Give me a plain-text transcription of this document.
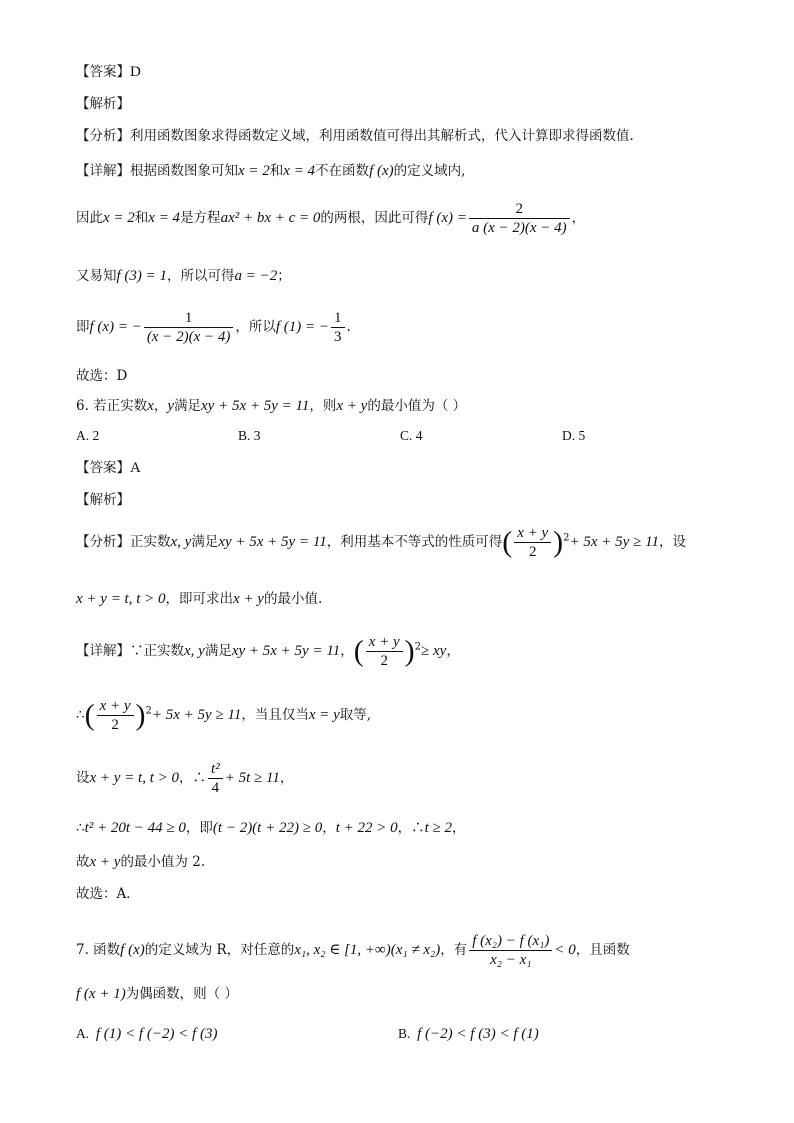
【答案】D
【解析】
【分析】利用函数图象求得函数定义域，利用函数值可得出其解析式，代入计算即求得函数值.
【详解】根据函数图象可知x = 2和x = 4不在函数f (x)的定义域内,
因此x = 2和x = 4是方程ax² + bx + c = 0的两根，因此可得f $(x) = \frac{2}{a (x - 2)(x - 4)}$ ，
又易知f (3) = 1，所以可得a = −2；
即f (x) = − $\frac{1}{(x - 2)(x - 4)}$ ，所以f (1) = − $\frac{1}{3}$ .
故选：D
6. 若正实数x，y满足xy + 5x + 5y = 11，则x + y的最小值为（ ）
A. 2	B. 3	C. 4	D. 5
【答案】A
【解析】
【分析】正实数x, y满足xy + 5x + 5y = 11，利用基本不等式的性质可得( $\frac{x + y}{2} )^2+ 5x + 5y \ge 11$，设
x + y = t, t > 0，即可求出x + y的最小值.
【详解】∵正实数x, y满足xy + 5x + 5y = 11，( $\frac{x + y}{2} )^2\ge$ xy，
∴( $\frac{x + y}{2} )^2+ 5x + 5y \ge 11$，当且仅当x = y取等,
设x + y = t, t > 0，∴ $\frac{\text{t²}}{4} + 5t \ge 11$，
∴t² + 20t − 44 ≥ 0，即(t − 2)(t + 22) ≥ 0，t + 22 > 0，∴t ≥ 2，
故x + y的最小值为 2.
故选：A．
7. 函数f (x)的定义域为 R，对任意的x₁, x₂ ∈ [1, +∞)(x₁ ≠ x₂)，有 $\frac{\text{f (x₂) − f (x₁)}}{\text{x₂ − x₁}} < 0$，且函数
f (x + 1)为偶函数，则（ ）
A. f (1) < f (−2) < f (3)	B. f (−2) < f (3) < f (1)
